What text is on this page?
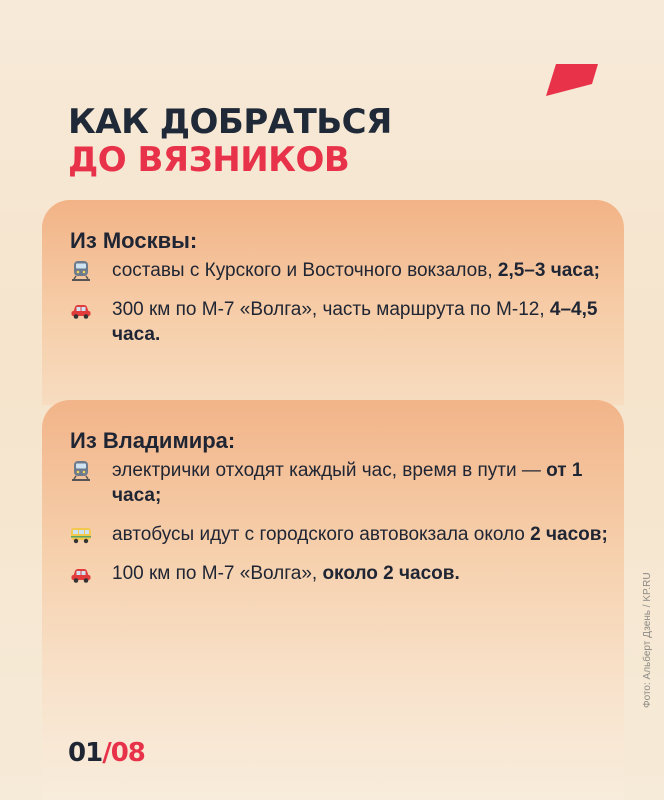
КАК ДОБРАТЬСЯ
ДО ВЯЗНИКОВ
Из Москвы:
составы с Курского и Восточного вокзалов, 2,5–3 часа;
300 км по М-7 «Волга», часть маршрута по М-12, 4–4,5 часа.
Из Владимира:
электрички отходят каждый час, время в пути — от 1 часа;
автобусы идут с городского автовокзала около 2 часов;
100 км по М-7 «Волга», около 2 часов.	Фото: Альберт Дзень / KP.RU
01/08
